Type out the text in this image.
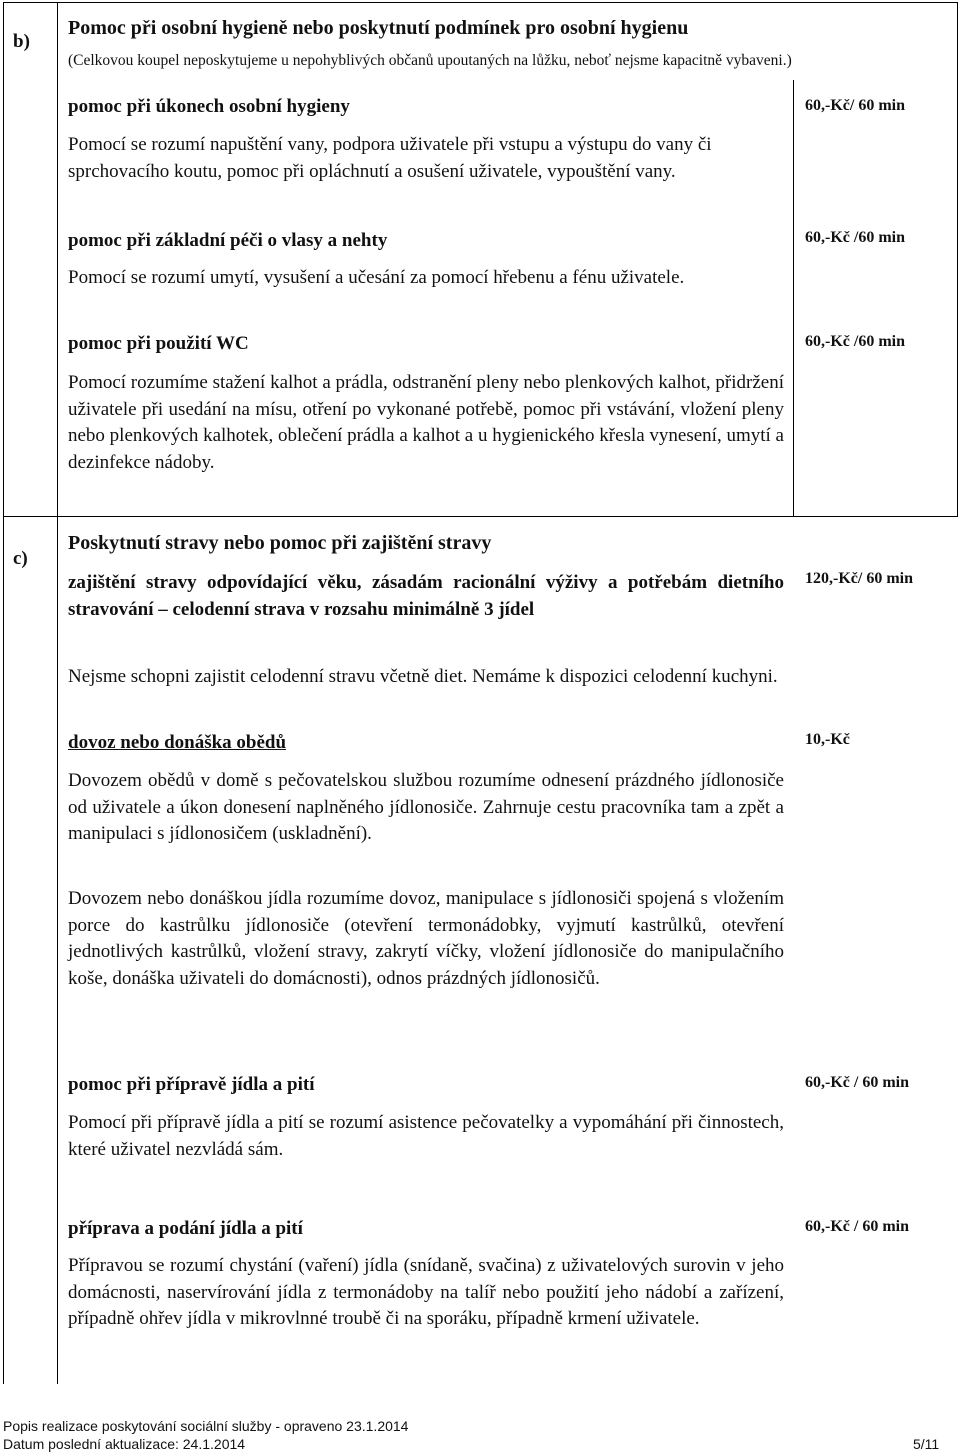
b)
Pomoc při osobní hygieně nebo poskytnutí podmínek pro osobní hygienu
(Celkovou koupel neposkytujeme u nepohyblivých občanů upoutaných na lůžku, neboť nejsme kapacitně vybaveni.)
pomoc při úkonech osobní hygieny
Pomocí se rozumí napuštění vany, podpora uživatele při vstupu a výstupu do vany či sprchovacího koutu, pomoc při opláchnutí a osušení uživatele, vypouštění vany.
60,-Kč/ 60 min
pomoc při základní péči o vlasy a nehty
Pomocí se rozumí umytí, vysušení a učesání za pomocí hřebenu a fénu uživatele.
60,-Kč /60 min
pomoc při použití WC
Pomocí rozumíme stažení kalhot a prádla, odstranění pleny nebo plenkových kalhot, přidržení uživatele při usedání na mísu, otření po vykonané potřebě, pomoc při vstávání, vložení pleny nebo plenkových kalhotek, oblečení prádla a kalhot a u hygienického křesla vynesení, umytí a dezinfekce nádoby.
60,-Kč /60 min
c)
Poskytnutí stravy nebo pomoc při zajištění stravy
zajištění stravy odpovídající věku, zásadám racionální výživy a potřebám dietního stravování – celodenní strava v rozsahu minimálně 3 jídel
Nejsme schopni zajistit celodenní stravu včetně diet. Nemáme k dispozici celodenní kuchyni.
120,-Kč/ 60 min
dovoz nebo donáška obědů
Dovozem obědů v domě s pečovatelskou službou rozumíme odnesení prázdného jídlonosiče od uživatele a úkon donesení naplněného jídlonosiče. Zahrnuje cestu pracovníka tam a zpět a manipulaci s jídlonosičem (uskladnění).
Dovozem nebo donáškou jídla rozumíme dovoz, manipulace s jídlonosiči spojená s vložením porce do kastrůlku jídlonosiče (otevření termonádobky, vyjmutí kastrůlků, otevření jednotlivých kastrůlků, vložení stravy, zakrytí víčky, vložení jídlonosiče do manipulačního koše, donáška uživateli do domácnosti), odnos prázdných jídlonosičů.
10,-Kč
pomoc při přípravě jídla a pití
Pomocí při přípravě jídla a pití se rozumí asistence pečovatelky a vypomáhání při činnostech, které uživatel nezvládá sám.
60,-Kč / 60 min
příprava a podání jídla a pití
Přípravou se rozumí chystání (vaření) jídla (snídaně, svačina) z uživatelových surovin v jeho domácnosti, naservírování jídla z termonádoby na talíř nebo použití jeho nádobí a zařízení, případně ohřev jídla v mikrovlnné troubě či na sporáku, případně krmení uživatele.
60,-Kč / 60 min
Popis realizace poskytování sociální služby - opraveno 23.1.2014
Datum poslední aktualizace: 24.1.2014	5/11
